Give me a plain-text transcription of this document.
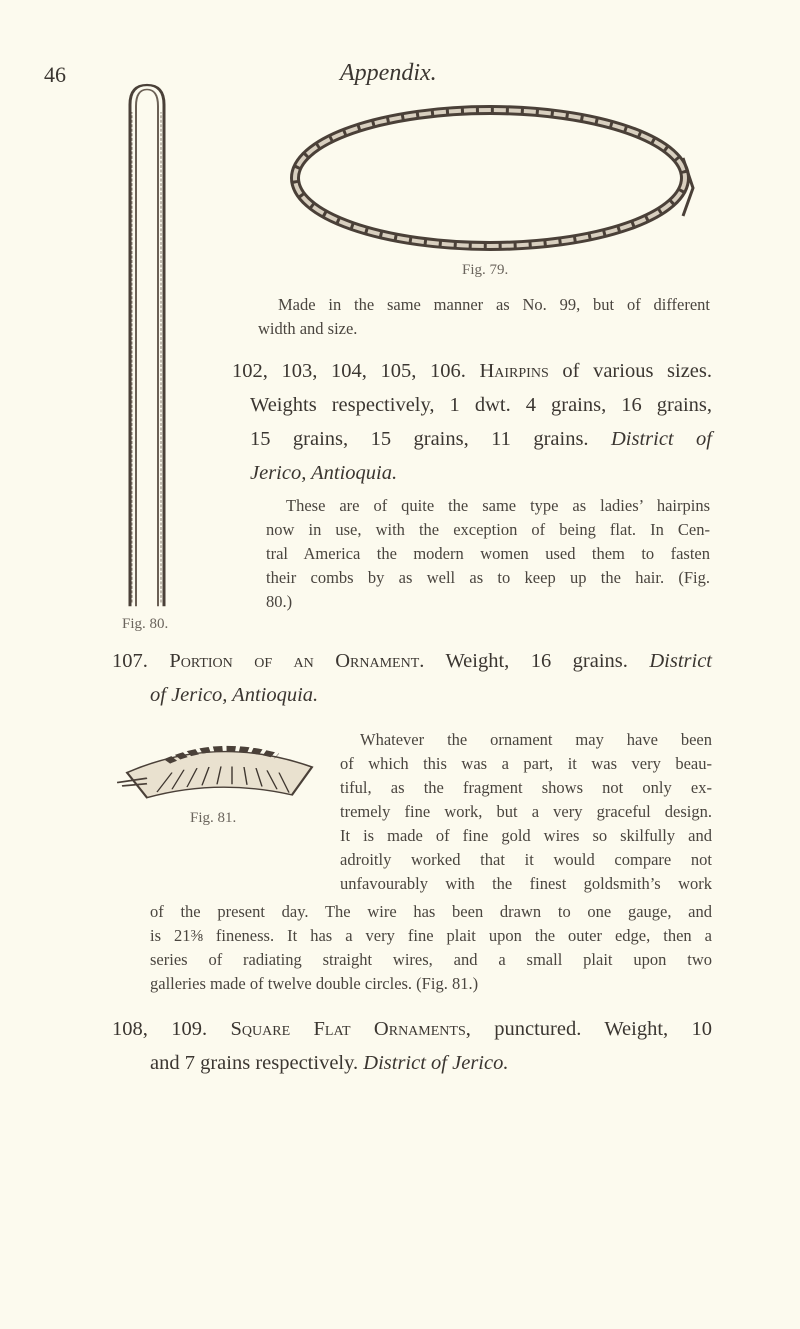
46	Appendix.
Fig. 80.
Fig. 79.
Made in the same manner as No. 99, but of different
width and size.
102, 103, 104, 105, 106. Hairpins of various sizes.
Weights respectively, 1 dwt. 4 grains, 16 grains,
15 grains, 15 grains, 11 grains. District of
Jerico, Antioquia.
These are of quite the same type as ladies’ hairpins
now in use, with the exception of being flat. In Cen-
tral America the modern women used them to fasten
their combs by as well as to keep up the hair. (Fig.
80.)
107. Portion of an Ornament. Weight, 16 grains. District
of Jerico, Antioquia.
Fig. 81.
Whatever the ornament may have been
of which this was a part, it was very beau-
tiful, as the fragment shows not only ex-
tremely fine work, but a very graceful design.
It is made of fine gold wires so skilfully and
adroitly worked that it would compare not
unfavourably with the finest goldsmith’s work
of the present day. The wire has been drawn to one gauge, and
is 21⅜ fineness. It has a very fine plait upon the outer edge, then a
series of radiating straight wires, and a small plait upon two
galleries made of twelve double circles. (Fig. 81.)
108, 109. Square Flat Ornaments, punctured. Weight, 10
and 7 grains respectively. District of Jerico.
